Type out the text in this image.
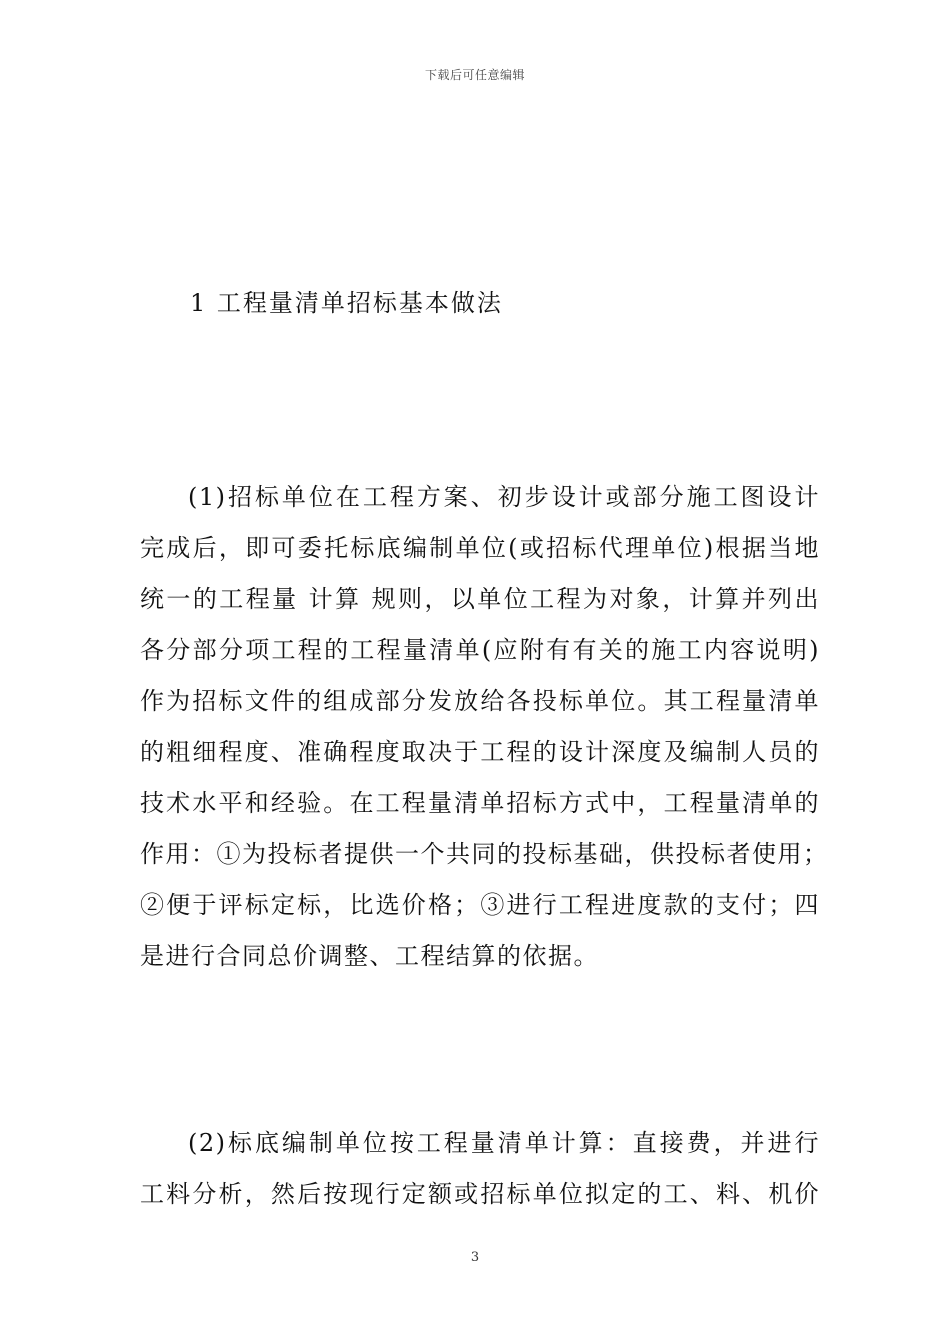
下载后可任意编辑
1 工程量清单招标基本做法
(1)招标单位在工程方案、初步设计或部分施工图设计
完成后，即可委托标底编制单位(或招标代理单位)根据当地
统一的工程量 计算 规则，以单位工程为对象，计算并列出
各分部分项工程的工程量清单(应附有有关的施工内容说明)
作为招标文件的组成部分发放给各投标单位。其工程量清单
的粗细程度、准确程度取决于工程的设计深度及编制人员的
技术水平和经验。在工程量清单招标方式中，工程量清单的
作用：①为投标者提供一个共同的投标基础，供投标者使用；
②便于评标定标，比选价格；③进行工程进度款的支付；四
是进行合同总价调整、工程结算的依据。
(2)标底编制单位按工程量清单计算：直接费，并进行
工料分析，然后按现行定额或招标单位拟定的工、料、机价
3
